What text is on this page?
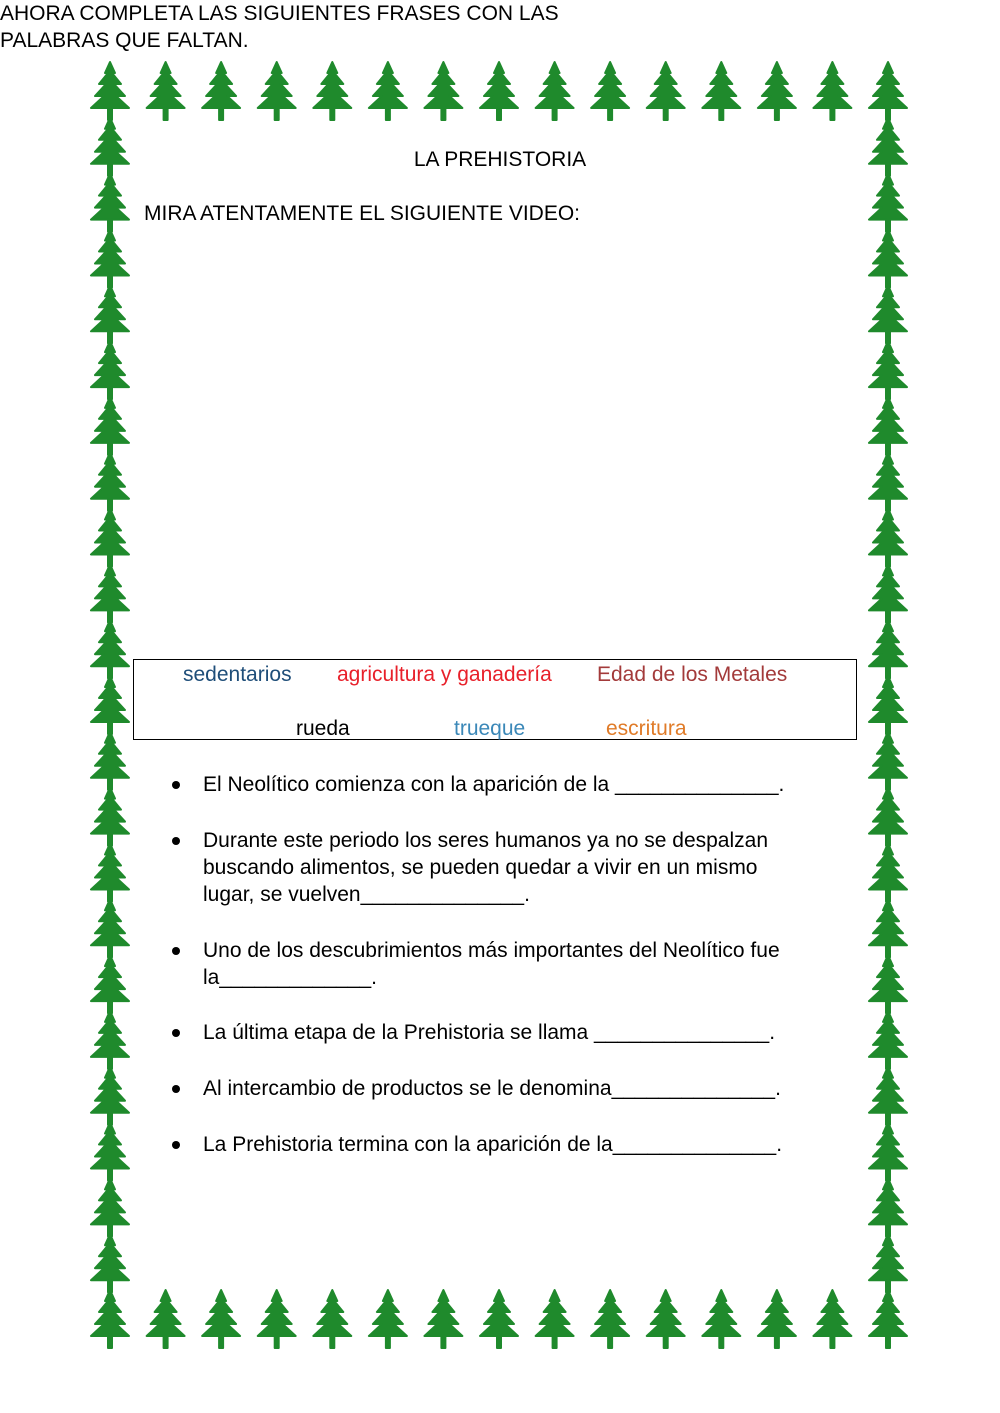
LA PREHISTORIA
MIRA ATENTAMENTE EL SIGUIENTE VIDEO:
AHORA COMPLETA LAS SIGUIENTES FRASES CON LAS
PALABRAS QUE FALTAN.
sedentarios agricultura y ganadería Edad de los Metales
rueda	trueque	escritura
El Neolítico comienza con la aparición de la ______________.
Durante este periodo los seres humanos ya no se despalzan
buscando alimentos, se pueden quedar a vivir en un mismo
lugar, se vuelven______________.
Uno de los descubrimientos más importantes del Neolítico fue
la_____________.
La última etapa de la Prehistoria se llama _______________.
Al intercambio de productos se le denomina______________.
La Prehistoria termina con la aparición de la______________.
